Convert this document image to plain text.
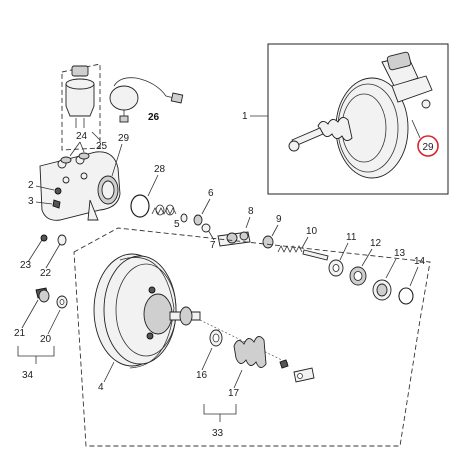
29
1
26
24
25
29
2
3
28
5
6
7
8
9
10
11
12
13
14
23
22
21
20
34
4
16
17
33
